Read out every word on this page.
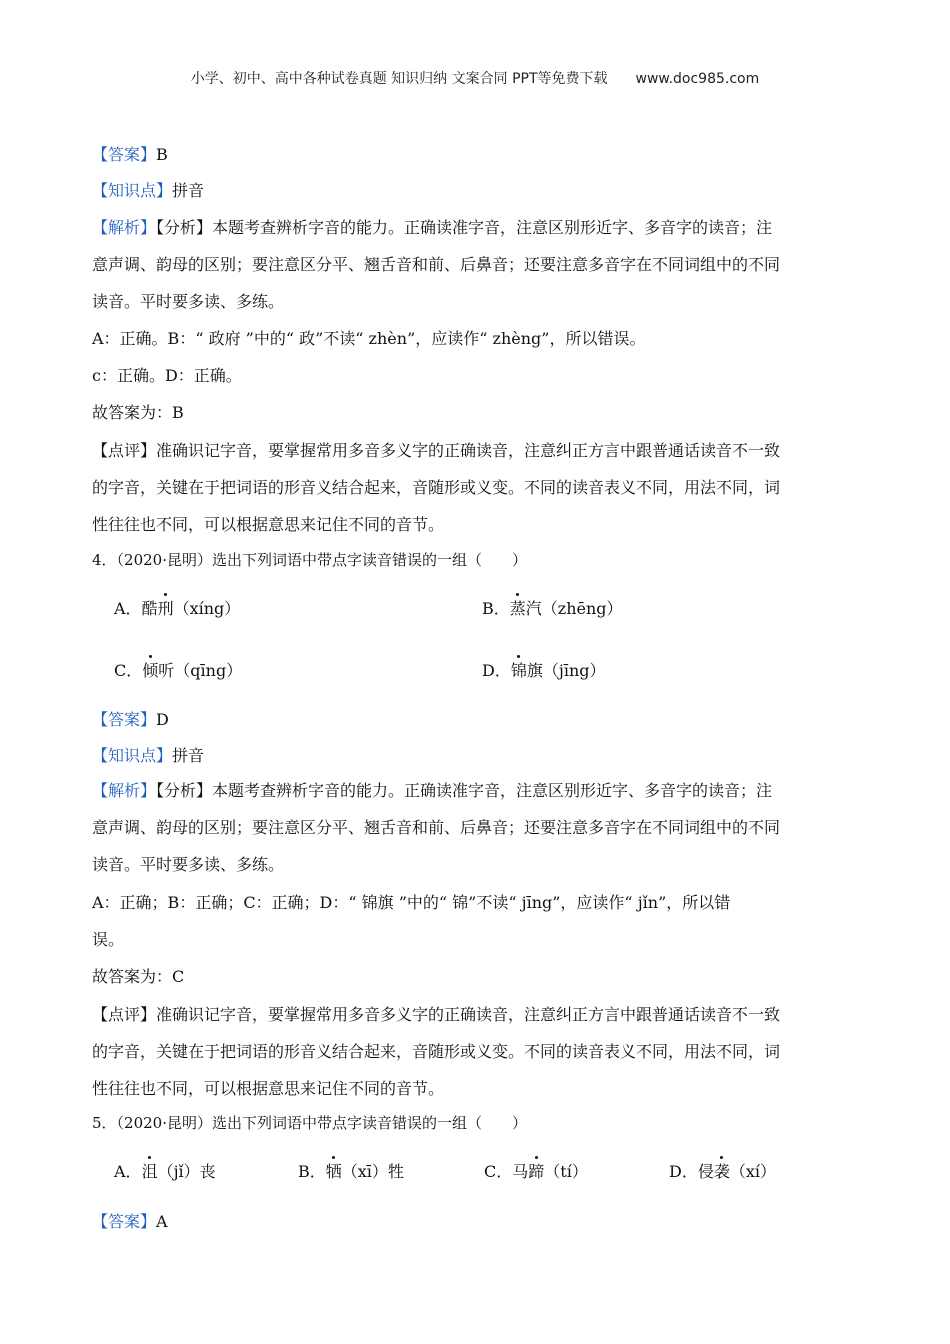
小学、初中、高中各种试卷真题 知识归纳 文案合同 PPT等免费下载 www.doc985.com
【答案】B
【知识点】拼音
【解析】【分析】本题考查辨析字音的能力。正确读准字音，注意区别形近字、多音字的读音；注
意声调、韵母的区别；要注意区分平、翘舌音和前、后鼻音；还要注意多音字在不同词组中的不同
读音。平时要多读、多练。
A：正确。B：“ 政府 ”中的“ 政”不读“ zhèn”，应读作“ zhèng”，所以错误。
c：正确。D：正确。
故答案为：B
【点评】准确识记字音，要掌握常用多音多义字的正确读音，注意纠正方言中跟普通话读音不一致
的字音，关键在于把词语的形音义结合起来，音随形或义变。不同的读音表义不同，用法不同，词
性往往也不同，可以根据意思来记住不同的音节。
4．（2020·昆明）选出下列词语中带点字读音错误的一组（　　）
A．酷刑（xíng）	B．蒸汽（zhēng）
C．倾听（qīng）	D．锦旗（jīng）
【答案】D
【知识点】拼音
【解析】【分析】本题考查辨析字音的能力。正确读准字音，注意区别形近字、多音字的读音；注
意声调、韵母的区别；要注意区分平、翘舌音和前、后鼻音；还要注意多音字在不同词组中的不同
读音。平时要多读、多练。
A：正确；B：正确；C：正确；D：“ 锦旗 ”中的“ 锦”不读“ jīng”，应读作“ jǐn”，所以错
误。
故答案为：C
【点评】准确识记字音，要掌握常用多音多义字的正确读音，注意纠正方言中跟普通话读音不一致
的字音，关键在于把词语的形音义结合起来，音随形或义变。不同的读音表义不同，用法不同，词
性往往也不同，可以根据意思来记住不同的音节。
5．（2020·昆明）选出下列词语中带点字读音错误的一组（　　）
A．沮（jǐ）丧	B．牺（xī）牲	C．马蹄（tí）	D．侵袭（xí）
【答案】A
